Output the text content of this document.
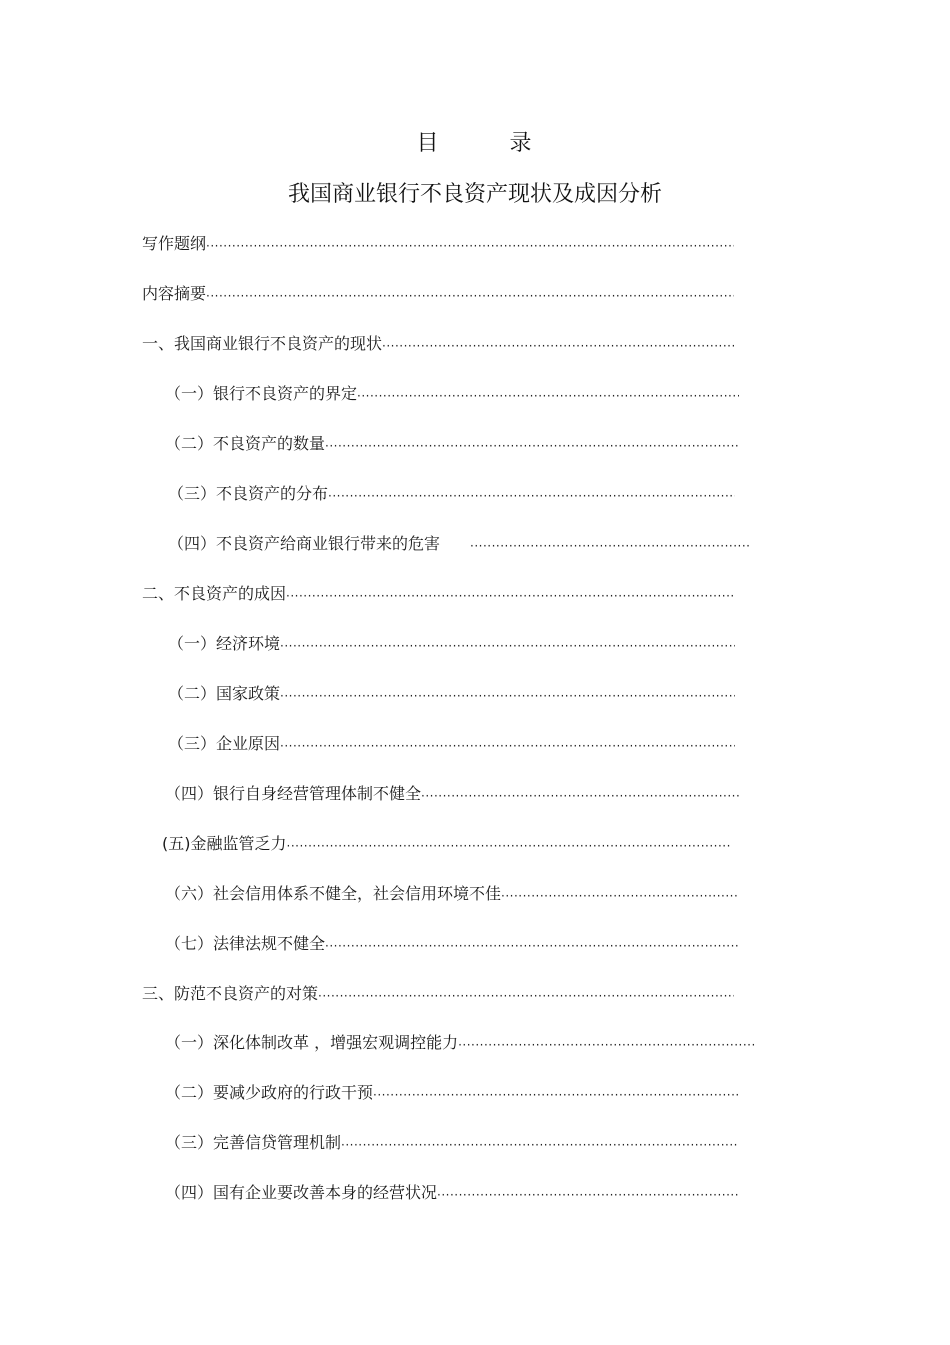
目 录
我国商业银行不良资产现状及成因分析
写作题纲
·····
内容摘要
·····
一、我国商业银行不良资产的现状
·····
（一）银行不良资产的界定
·····
（二）不良资产的数量
·····
（三）不良资产的分布
·····
（四）不良资产给商业银行带来的危害
·····
二、不良资产的成因
·····
（一）经济环境
·····
（二）国家政策
·····
（三）企业原因
·····
（四）银行自身经营管理体制不健全
·····
(五)金融监管乏力
·····
（六）社会信用体系不健全，社会信用环境不佳
·····
（七）法律法规不健全
·····
三、防范不良资产的对策
·····
（一）深化体制改革 ，增强宏观调控能力
·····
（二）要减少政府的行政干预
·····
（三）完善信贷管理机制
·····
（四）国有企业要改善本身的经营状况
·····
